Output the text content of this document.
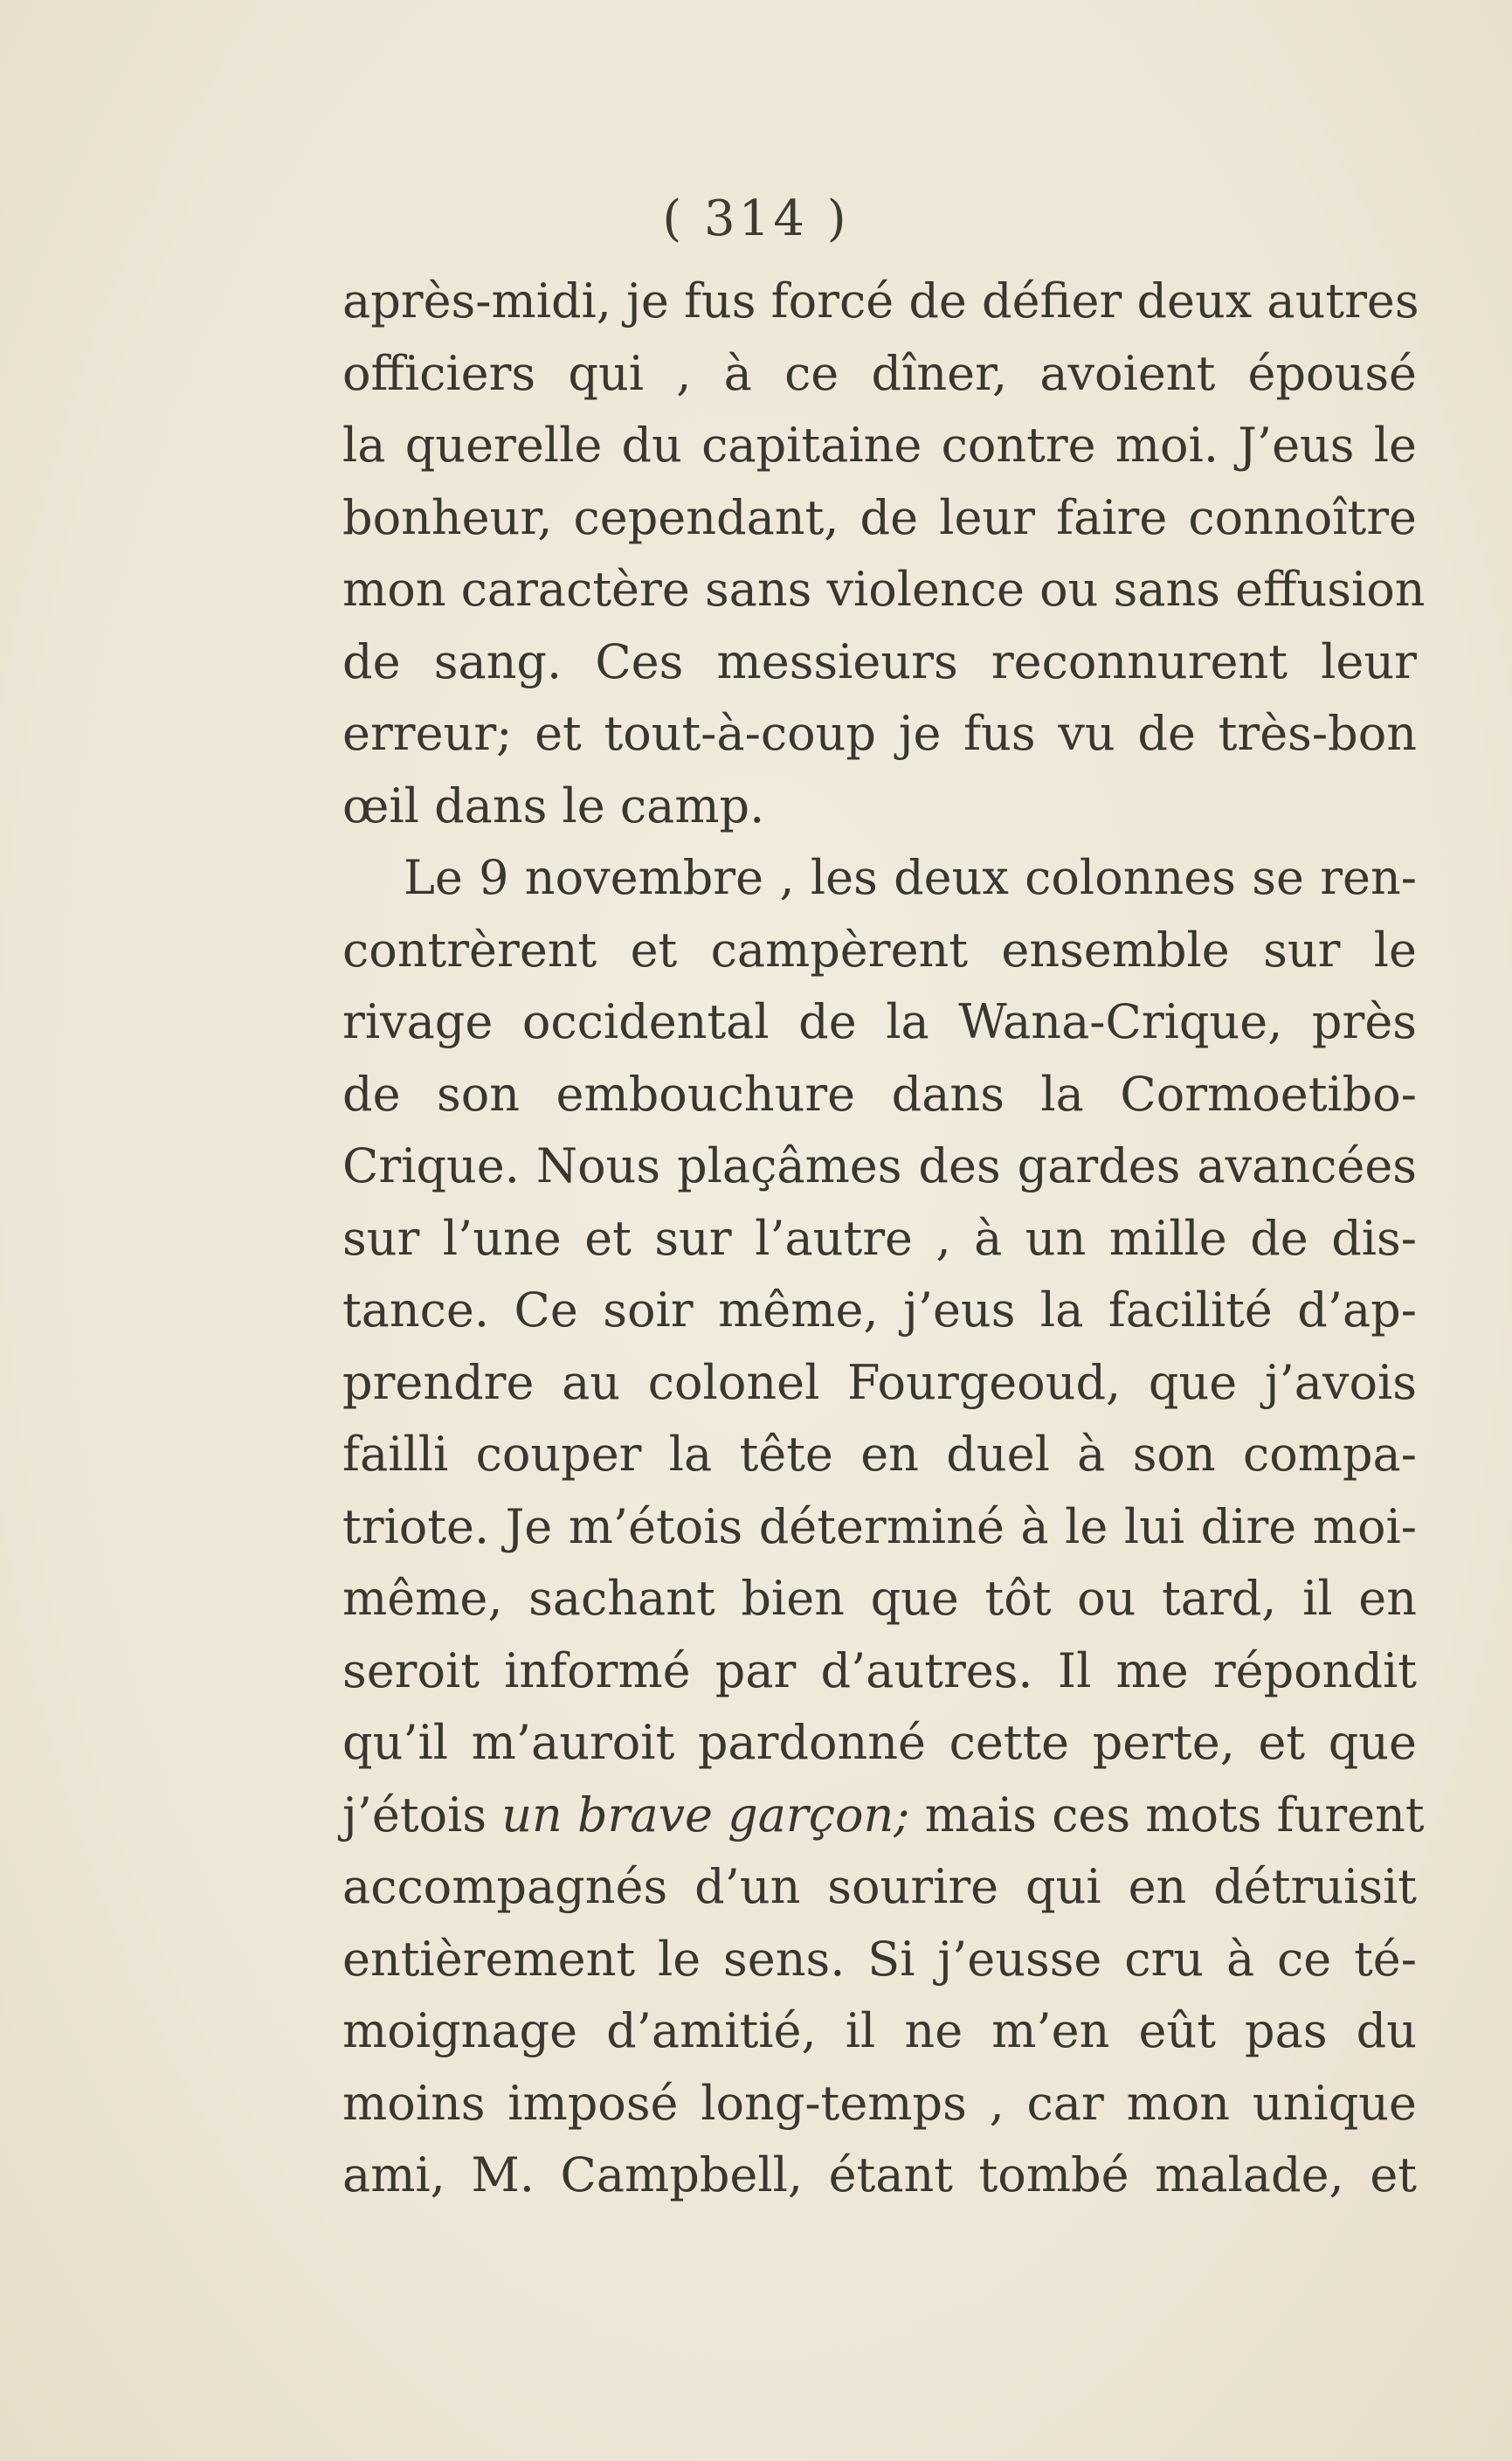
( 314 )
après-midi, je fus forcé de défier deux autres
officiers qui , à ce dîner, avoient épousé
la querelle du capitaine contre moi. J’eus le
bonheur, cependant, de leur faire connoître
mon caractère sans violence ou sans effusion
de sang. Ces messieurs reconnurent leur
erreur; et tout-à-coup je fus vu de très-bon
œil dans le camp.
Le 9 novembre , les deux colonnes se ren-
contrèrent et campèrent ensemble sur le
rivage occidental de la Wana-Crique, près
de son embouchure dans la Cormoetibo-
Crique. Nous plaçâmes des gardes avancées
sur l’une et sur l’autre , à un mille de dis-
tance. Ce soir même, j’eus la facilité d’ap-
prendre au colonel Fourgeoud, que j’avois
failli couper la tête en duel à son compa-
triote. Je m’étois déterminé à le lui dire moi-
même, sachant bien que tôt ou tard, il en
seroit informé par d’autres. Il me répondit
qu’il m’auroit pardonné cette perte, et que
j’étois un brave garçon; mais ces mots furent
accompagnés d’un sourire qui en détruisit
entièrement le sens. Si j’eusse cru à ce té-
moignage d’amitié, il ne m’en eût pas du
moins imposé long-temps , car mon unique
ami, M. Campbell, étant tombé malade, et
